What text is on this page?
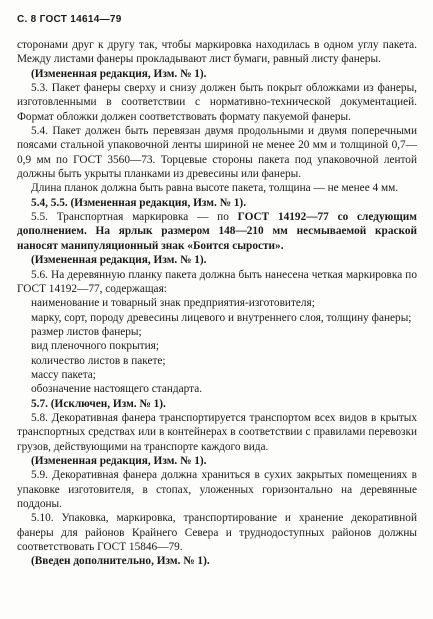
С. 8 ГОСТ 14614—79

сторонами друг к другу так, чтобы маркировка находилась в одном углу пакета. Между листами фанеры прокладывают лист бумаги, равный листу фанеры.

(Измененная редакция, Изм. № 1).

5.3. Пакет фанеры сверху и снизу должен быть покрыт обложками из фанеры, изготовленными в соответствии с нормативно-технической документацией. Формат обложки должен соответствовать формату пакуемой фанеры.

5.4. Пакет должен быть перевязан двумя продольными и двумя поперечными поясами стальной упаковочной ленты шириной не менее 20 мм и толщиной 0,7—0,9 мм по ГОСТ 3560—73. Торцевые стороны пакета под упаковочной лентой должны быть укрыты планками из древесины или фанеры.

Длина планок должна быть равна высоте пакета, толщина — не менее 4 мм.

5.4, 5.5. (Измененная редакция, Изм. № 1).

5.5. Транспортная маркировка — по ГОСТ 14192—77 со следующим дополнением. На ярлык размером 148—210 мм несмываемой краской наносят манипуляционный знак «Боится сырости».

(Измененная редакция, Изм. № 1).

5.6. На деревянную планку пакета должна быть нанесена четкая маркировка по ГОСТ 14192—77, содержащая:

наименование и товарный знак предприятия-изготовителя;

марку, сорт, породу древесины лицевого и внутреннего слоя, толщину фанеры;

размер листов фанеры;

вид пленочного покрытия;

количество листов в пакете;

массу пакета;

обозначение настоящего стандарта.

5.7. (Исключен, Изм. № 1).

5.8. Декоративная фанера транспортируется транспортом всех видов в крытых транспортных средствах или в контейнерах в соответствии с правилами перевозки грузов, действующими на транспорте каждого вида.

(Измененная редакция, Изм. № 1).

5.9. Декоративная фанера должна храниться в сухих закрытых помещениях в упаковке изготовителя, в стопах, уложенных горизонтально на деревянные поддоны.

5.10. Упаковка, маркировка, транспортирование и хранение декоративной фанеры для районов Крайнего Севера и труднодоступных районов должны соответствовать ГОСТ 15846—79.

(Введен дополнительно, Изм. № 1).
